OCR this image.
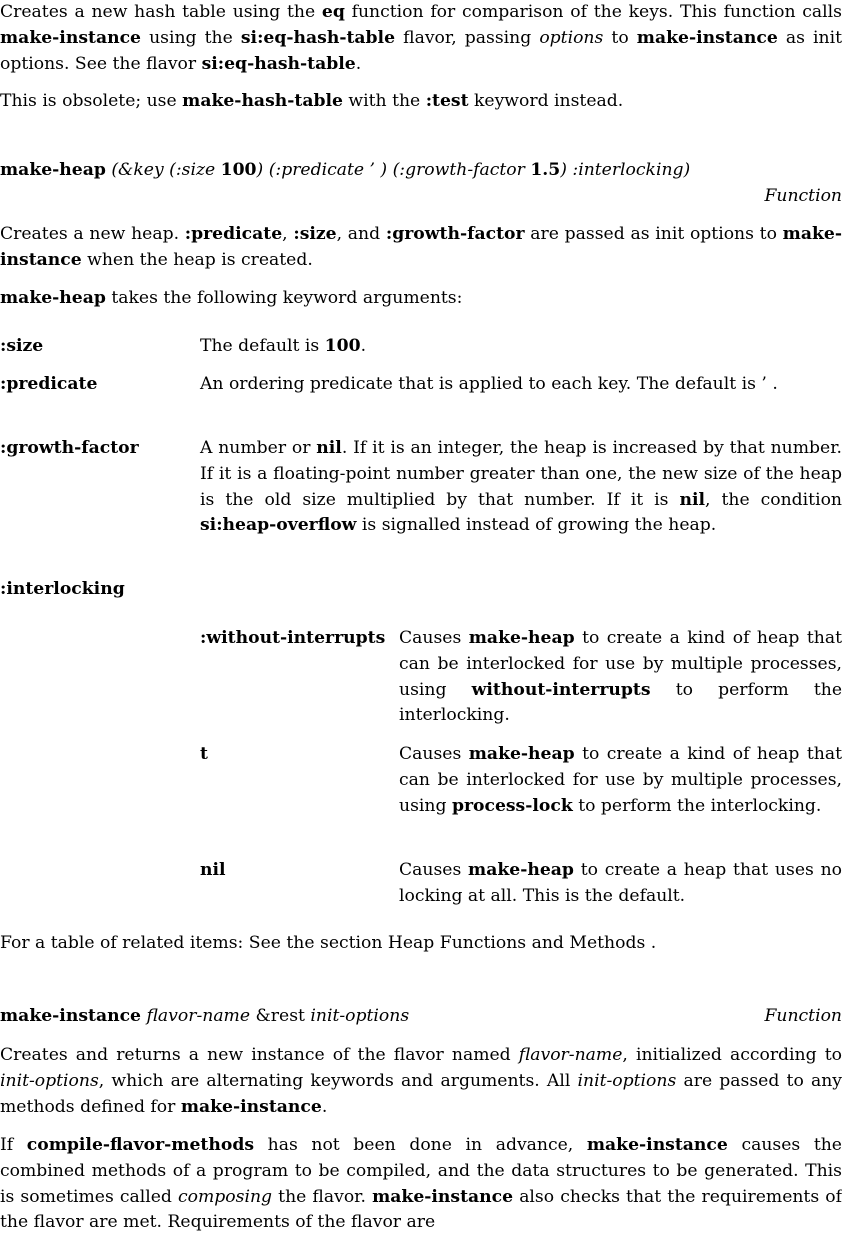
Creates a new hash table using the eq function for comparison of the keys. This function calls make-instance using the si:eq-hash-table flavor, passing options to make-instance as init options. See the flavor si:eq-hash-table.

This is obsolete; use make-hash-table with the :test keyword instead.

make-heap (&key (:size 100) (:predicate ’ ) (:growth-factor 1.5) :interlocking)
Function

Creates a new heap. :predicate, :size, and :growth-factor are passed as init options to make-instance when the heap is created.

make-heap takes the following keyword arguments:

:size	The default is 100.
:predicate	An ordering predicate that is applied to each key. The default is ’ .
:growth-factor	A number or nil. If it is an integer, the heap is increased by that number. If it is a floating-point number greater than one, the new size of the heap is the old size multiplied by that number. If it is nil, the condition si:heap-overflow is signalled instead of growing the heap.
:interlocking
:without-interrupts Causes make-heap to create a kind of heap that can be interlocked for use by multiple processes, using without-interrupts to perform the interlocking.
t	Causes make-heap to create a kind of heap that can be interlocked for use by multiple processes, using process-lock to perform the interlocking.
nil	Causes make-heap to create a heap that uses no locking at all. This is the default.

For a table of related items: See the section Heap Functions and Methods .

make-instance flavor-name &rest init-options	Function

Creates and returns a new instance of the flavor named flavor-name, initialized according to init-options, which are alternating keywords and arguments. All init-options are passed to any methods defined for make-instance.

If compile-flavor-methods has not been done in advance, make-instance causes the combined methods of a program to be compiled, and the data structures to be generated. This is sometimes called composing the flavor. make-instance also checks that the requirements of the flavor are met. Requirements of the flavor are
